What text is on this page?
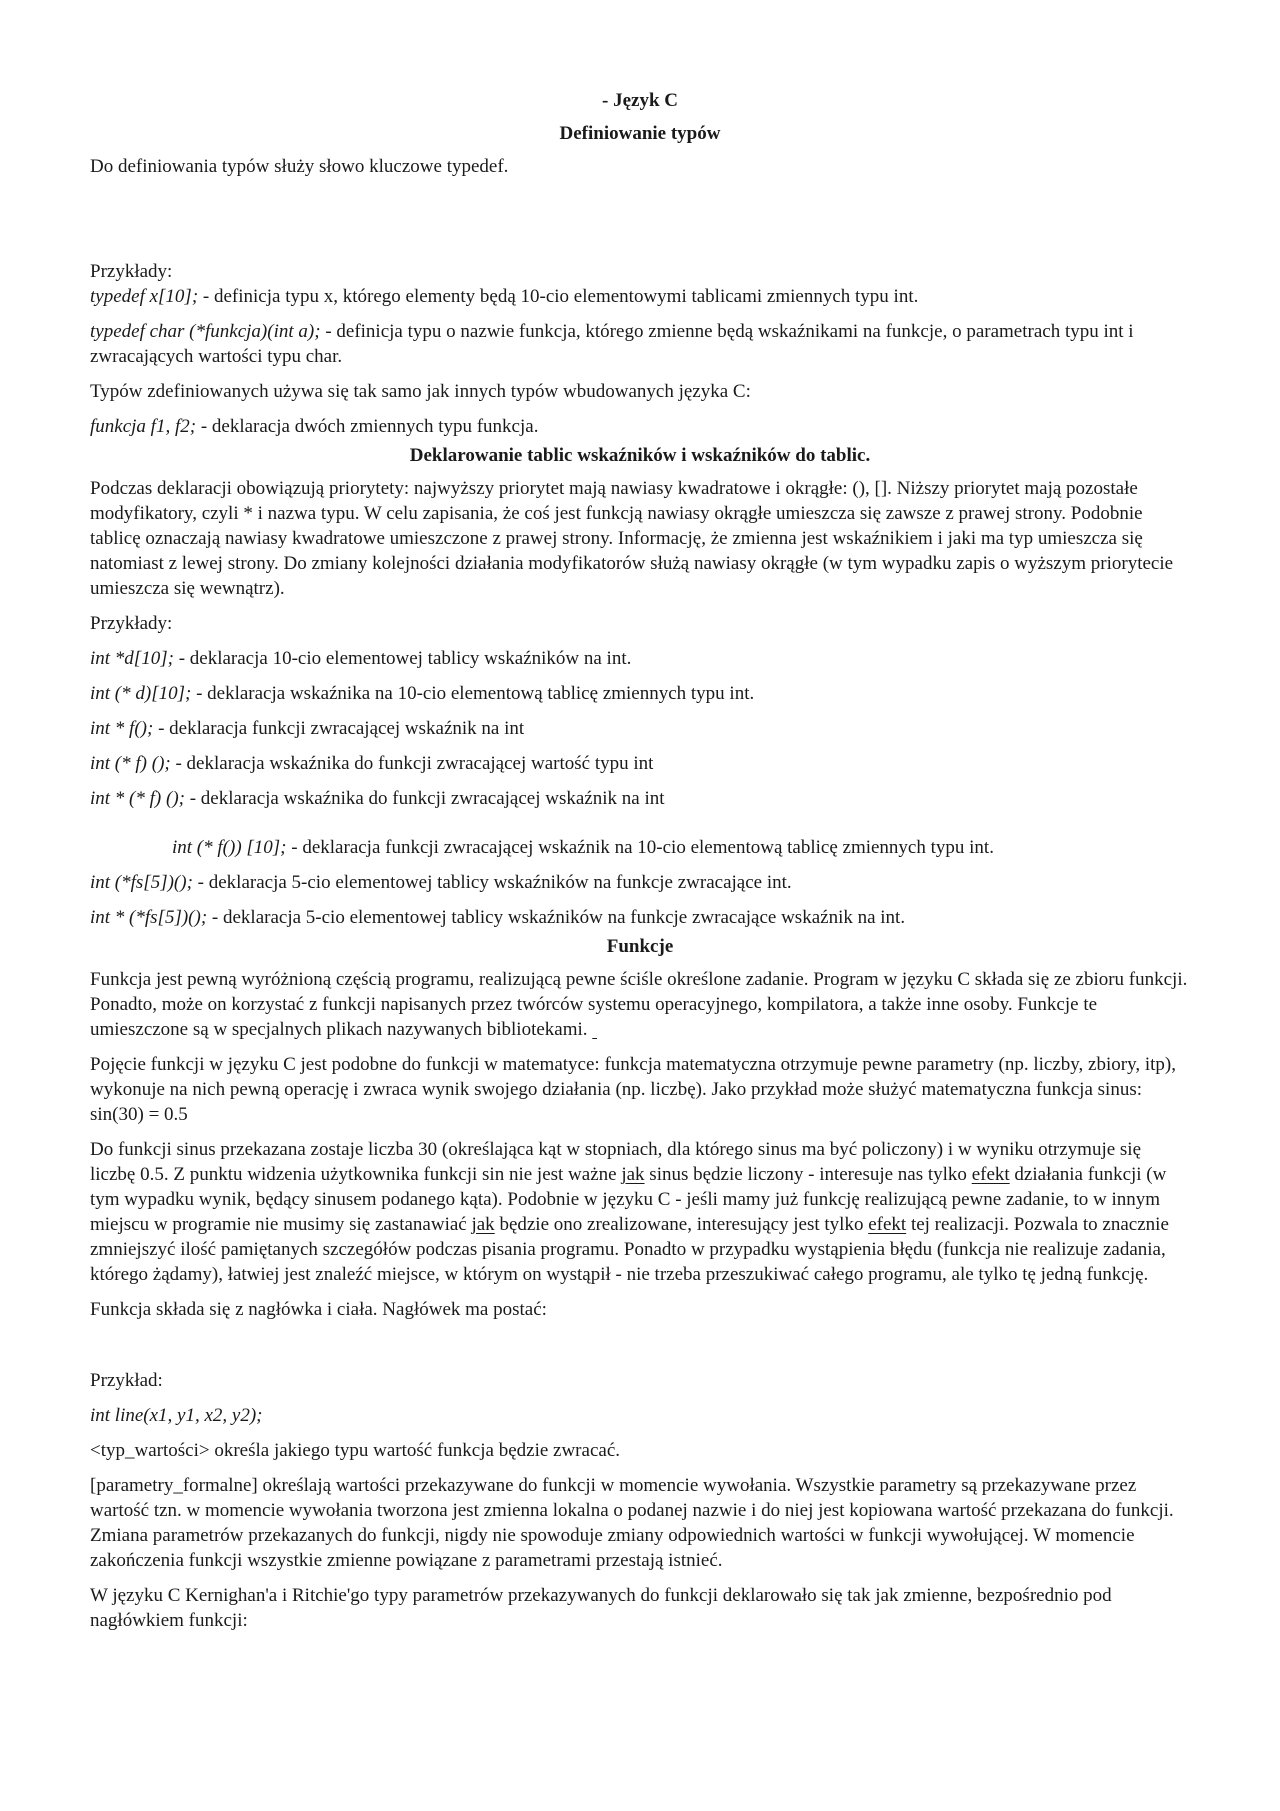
- Język C
Definiowanie typów

Do definiowania typów służy słowo kluczowe typedef.

Przykłady:

typedef x[10]; - definicja typu x, którego elementy będą 10-cio elementowymi tablicami zmiennych typu int.

typedef char (*funkcja)(int a); - definicja typu o nazwie funkcja, którego zmienne będą wskaźnikami na funkcje, o parametrach typu int i zwracających wartości typu char.

Typów zdefiniowanych używa się tak samo jak innych typów wbudowanych języka C:

funkcja f1, f2; - deklaracja dwóch zmiennych typu funkcja.

Deklarowanie tablic wskaźników i wskaźników do tablic.

Podczas deklaracji obowiązują priorytety: najwyższy priorytet mają nawiasy kwadratowe i okrągłe: (), []. Niższy priorytet mają pozostałe modyfikatory, czyli * i nazwa typu. W celu zapisania, że coś jest funkcją nawiasy okrągłe umieszcza się zawsze z prawej strony. Podobnie tablicę oznaczają nawiasy kwadratowe umieszczone z prawej strony. Informację, że zmienna jest wskaźnikiem i jaki ma typ umieszcza się natomiast z lewej strony. Do zmiany kolejności działania modyfikatorów służą nawiasy okrągłe (w tym wypadku zapis o wyższym priorytecie umieszcza się wewnątrz).

Przykłady:

int *d[10]; - deklaracja 10-cio elementowej tablicy wskaźników na int.

int (* d)[10]; - deklaracja wskaźnika na 10-cio elementową tablicę zmiennych typu int.

int * f(); - deklaracja funkcji zwracającej wskaźnik na int

int (* f) (); - deklaracja wskaźnika do funkcji zwracającej wartość typu int

int * (* f) (); - deklaracja wskaźnika do funkcji zwracającej wskaźnik na int

int (* f()) [10]; - deklaracja funkcji zwracającej wskaźnik na 10-cio elementową tablicę zmiennych typu int.

int (*fs[5])(); - deklaracja 5-cio elementowej tablicy wskaźników na funkcje zwracające int.

int * (*fs[5])(); - deklaracja 5-cio elementowej tablicy wskaźników na funkcje zwracające wskaźnik na int.

Funkcje

Funkcja jest pewną wyróżnioną częścią programu, realizującą pewne ściśle określone zadanie. Program w języku C składa się ze zbioru funkcji. Ponadto, może on korzystać z funkcji napisanych przez twórców systemu operacyjnego, kompilatora, a także inne osoby. Funkcje te umieszczone są w specjalnych plikach nazywanych bibliotekami.

Pojęcie funkcji w języku C jest podobne do funkcji w matematyce: funkcja matematyczna otrzymuje pewne parametry (np. liczby, zbiory, itp), wykonuje na nich pewną operację i zwraca wynik swojego działania (np. liczbę). Jako przykład może służyć matematyczna funkcja sinus: sin(30) = 0.5

Do funkcji sinus przekazana zostaje liczba 30 (określająca kąt w stopniach, dla którego sinus ma być policzony) i w wyniku otrzymuje się liczbę 0.5. Z punktu widzenia użytkownika funkcji sin nie jest ważne jak sinus będzie liczony - interesuje nas tylko efekt działania funkcji (w tym wypadku wynik, będący sinusem podanego kąta). Podobnie w języku C - jeśli mamy już funkcję realizującą pewne zadanie, to w innym miejscu w programie nie musimy się zastanawiać jak będzie ono zrealizowane, interesujący jest tylko efekt tej realizacji. Pozwala to znacznie zmniejszyć ilość pamiętanych szczegółów podczas pisania programu. Ponadto w przypadku wystąpienia błędu (funkcja nie realizuje zadania, którego żądamy), łatwiej jest znaleźć miejsce, w którym on wystąpił - nie trzeba przeszukiwać całego programu, ale tylko tę jedną funkcję.

Funkcja składa się z nagłówka i ciała. Nagłówek ma postać:

Przykład:

int line(x1, y1, x2, y2);

<typ_wartości> określa jakiego typu wartość funkcja będzie zwracać.

[parametry_formalne] określają wartości przekazywane do funkcji w momencie wywołania. Wszystkie parametry są przekazywane przez wartość tzn. w momencie wywołania tworzona jest zmienna lokalna o podanej nazwie i do niej jest kopiowana wartość przekazana do funkcji. Zmiana parametrów przekazanych do funkcji, nigdy nie spowoduje zmiany odpowiednich wartości w funkcji wywołującej. W momencie zakończenia funkcji wszystkie zmienne powiązane z parametrami przestają istnieć.

W języku C Kernighan'a i Ritchie'go typy parametrów przekazywanych do funkcji deklarowało się tak jak zmienne, bezpośrednio pod nagłówkiem funkcji:
